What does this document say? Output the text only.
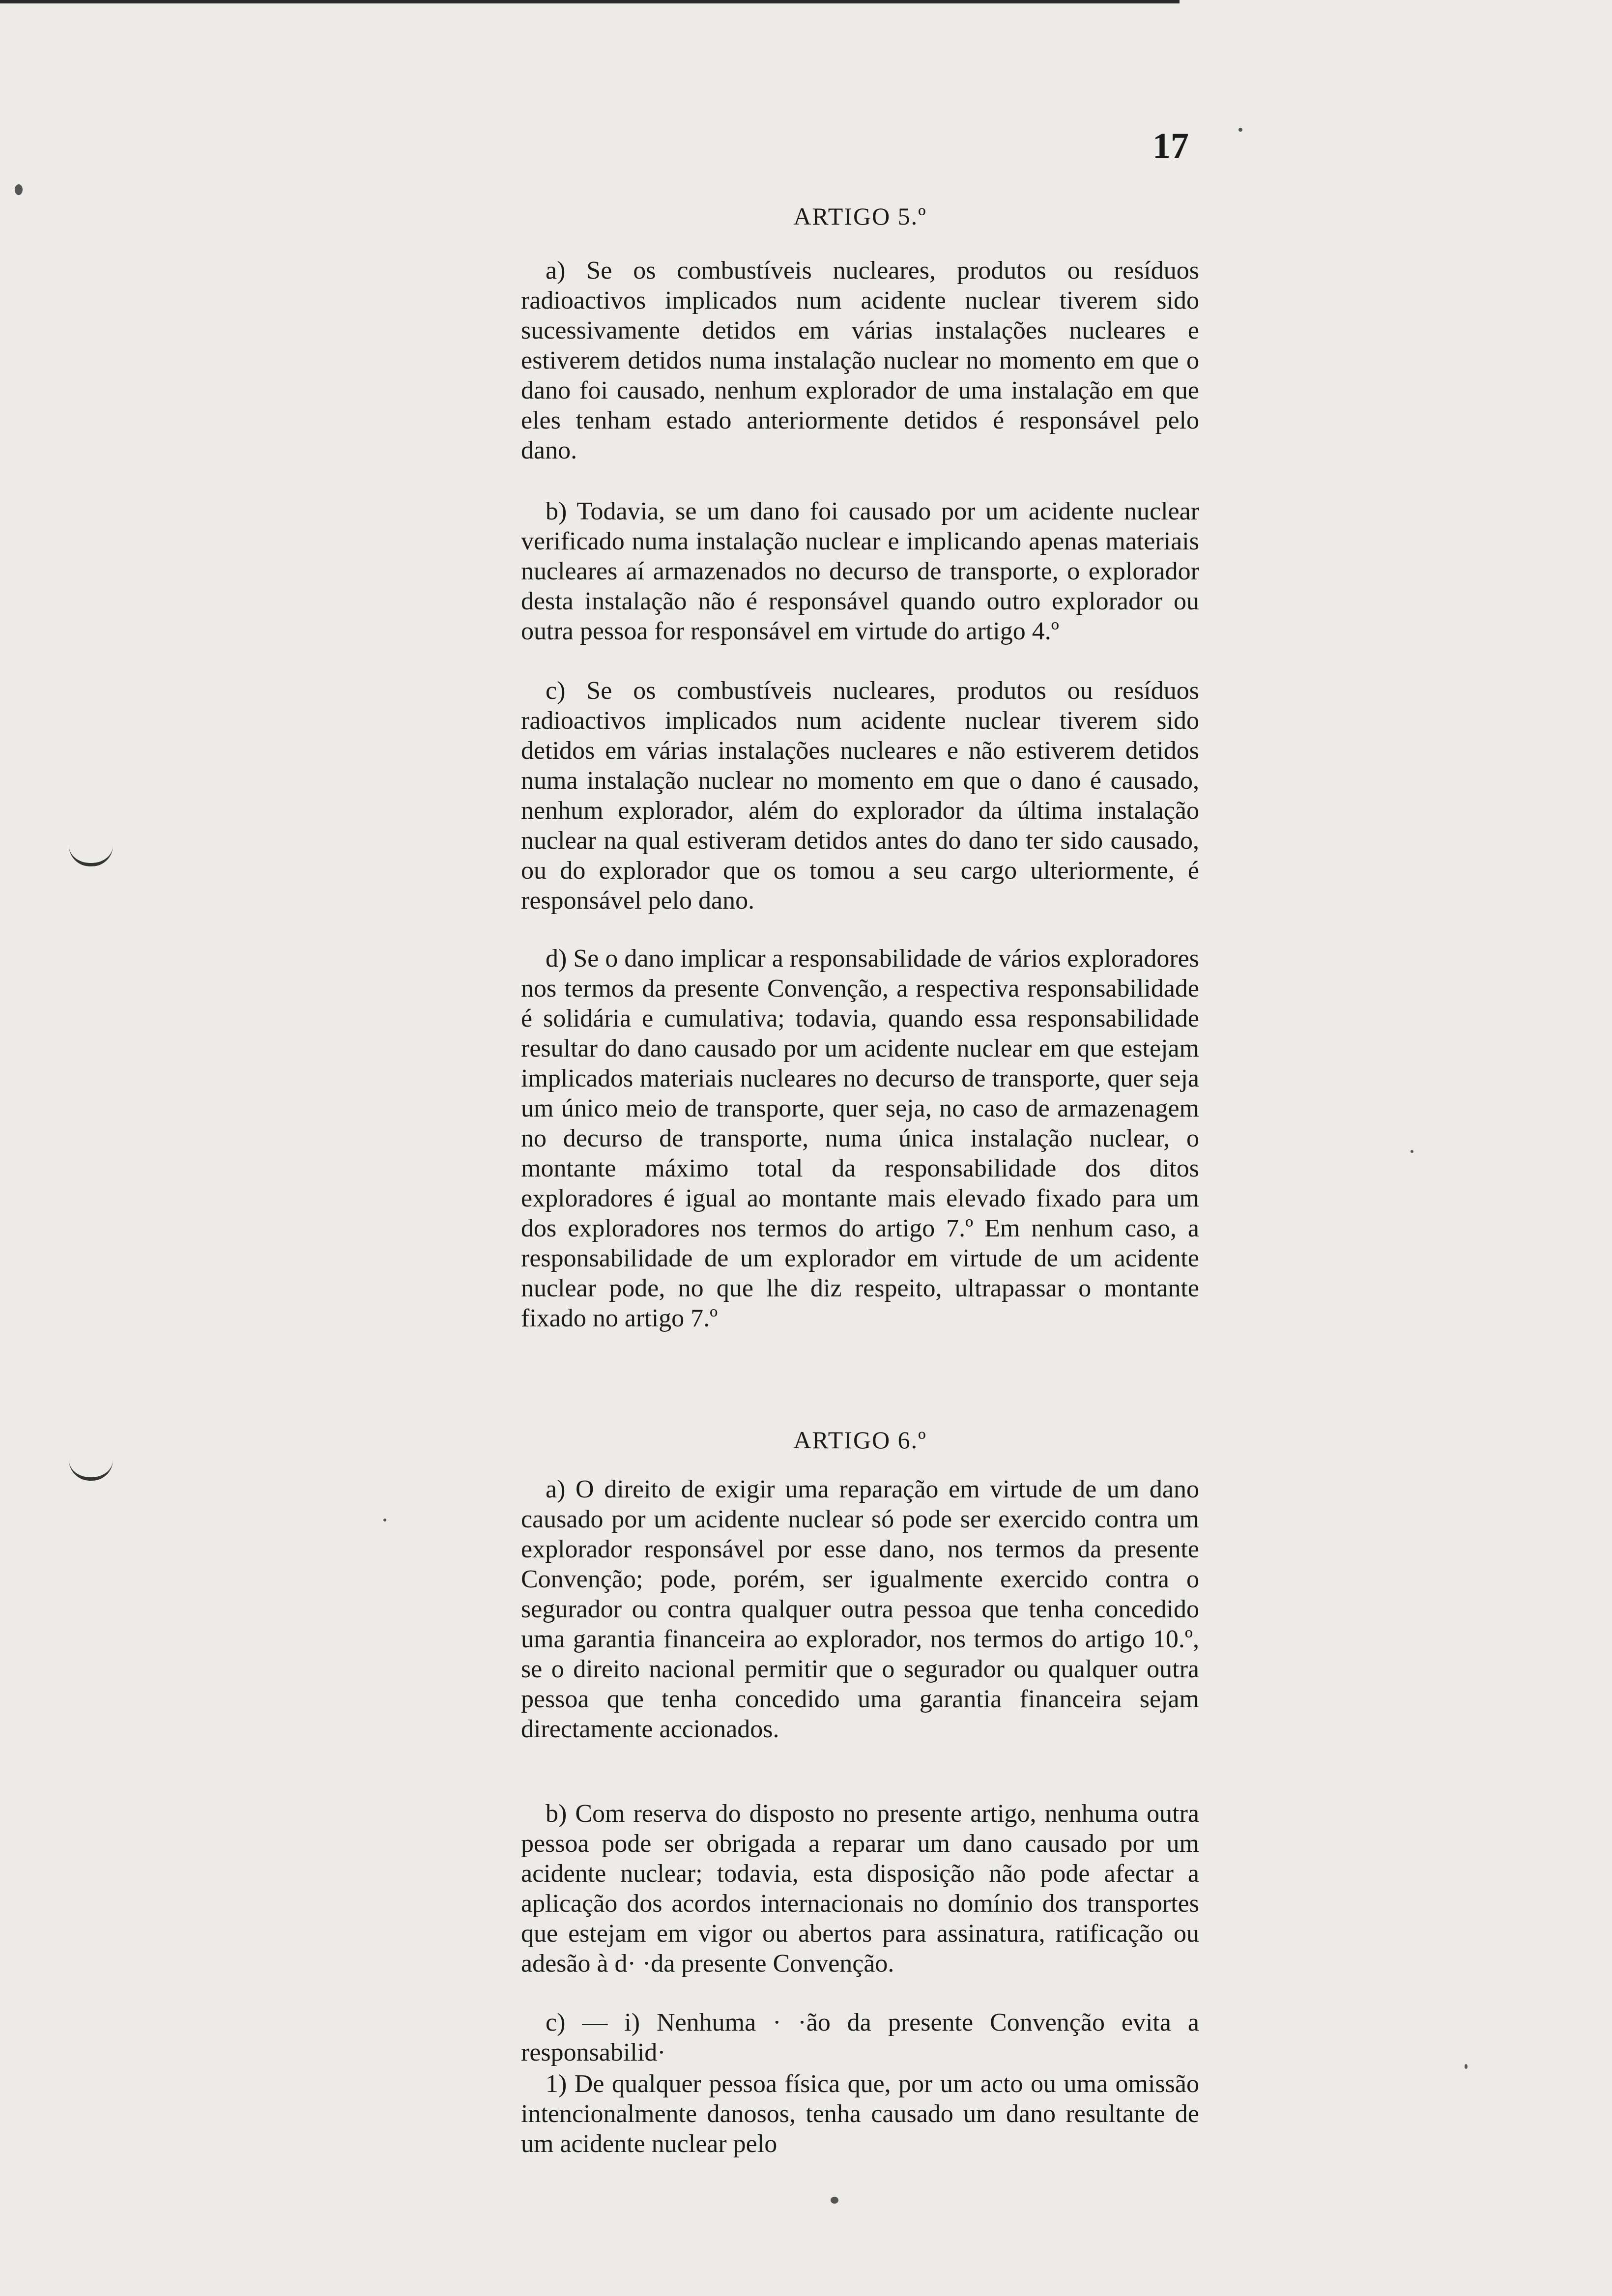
17
ARTIGO 5.º

a) Se os combustíveis nucleares, produtos ou resíduos radioactivos implicados num acidente nuclear tiverem sido sucessivamente detidos em várias instalações nucleares e estiverem detidos numa instalação nuclear no momento em que o dano foi causado, nenhum explorador de uma instalação em que eles tenham estado anteriormente detidos é responsável pelo dano.

b) Todavia, se um dano foi causado por um acidente nuclear verificado numa instalação nuclear e implicando apenas materiais nucleares aí armazenados no decurso de transporte, o explorador desta instalação não é responsável quando outro explorador ou outra pessoa for responsável em virtude do artigo 4.º

c) Se os combustíveis nucleares, produtos ou resíduos radioactivos implicados num acidente nuclear tiverem sido detidos em várias instalações nucleares e não estiverem detidos numa instalação nuclear no momento em que o dano é causado, nenhum explorador, além do explorador da última instalação nuclear na qual estiveram detidos antes do dano ter sido causado, ou do explorador que os tomou a seu cargo ulteriormente, é responsável pelo dano.

d) Se o dano implicar a responsabilidade de vários exploradores nos termos da presente Convenção, a respectiva responsabilidade é solidária e cumulativa; todavia, quando essa responsabilidade resultar do dano causado por um acidente nuclear em que estejam implicados materiais nucleares no decurso de transporte, quer seja um único meio de transporte, quer seja, no caso de armazenagem no decurso de transporte, numa única instalação nuclear, o montante máximo total da responsabilidade dos ditos exploradores é igual ao montante mais elevado fixado para um dos exploradores nos termos do artigo 7.º Em nenhum caso, a responsabilidade de um explorador em virtude de um acidente nuclear pode, no que lhe diz respeito, ultrapassar o montante fixado no artigo 7.º

ARTIGO 6.º

a) O direito de exigir uma reparação em virtude de um dano causado por um acidente nuclear só pode ser exercido contra um explorador responsável por esse dano, nos termos da presente Convenção; pode, porém, ser igualmente exercido contra o segurador ou contra qualquer outra pessoa que tenha concedido uma garantia financeira ao explorador, nos termos do artigo 10.º, se o direito nacional permitir que o segurador ou qualquer outra pessoa que tenha concedido uma garantia financeira sejam directamente accionados.

b) Com reserva do disposto no presente artigo, nenhuma outra pessoa pode ser obrigada a reparar um dano causado por um acidente nuclear; todavia, esta disposição não pode afectar a aplicação dos acordos internacionais no domínio dos transportes que estejam em vigor ou abertos para assinatura, ratificação ou adesão à d· ·da presente Convenção.

c) — i) Nenhuma · ·ão da presente Convenção evita a responsabilid·

1) De qualquer pessoa física que, por um acto ou uma omissão intencionalmente danosos, tenha causado um dano resultante de um acidente nuclear pelo
